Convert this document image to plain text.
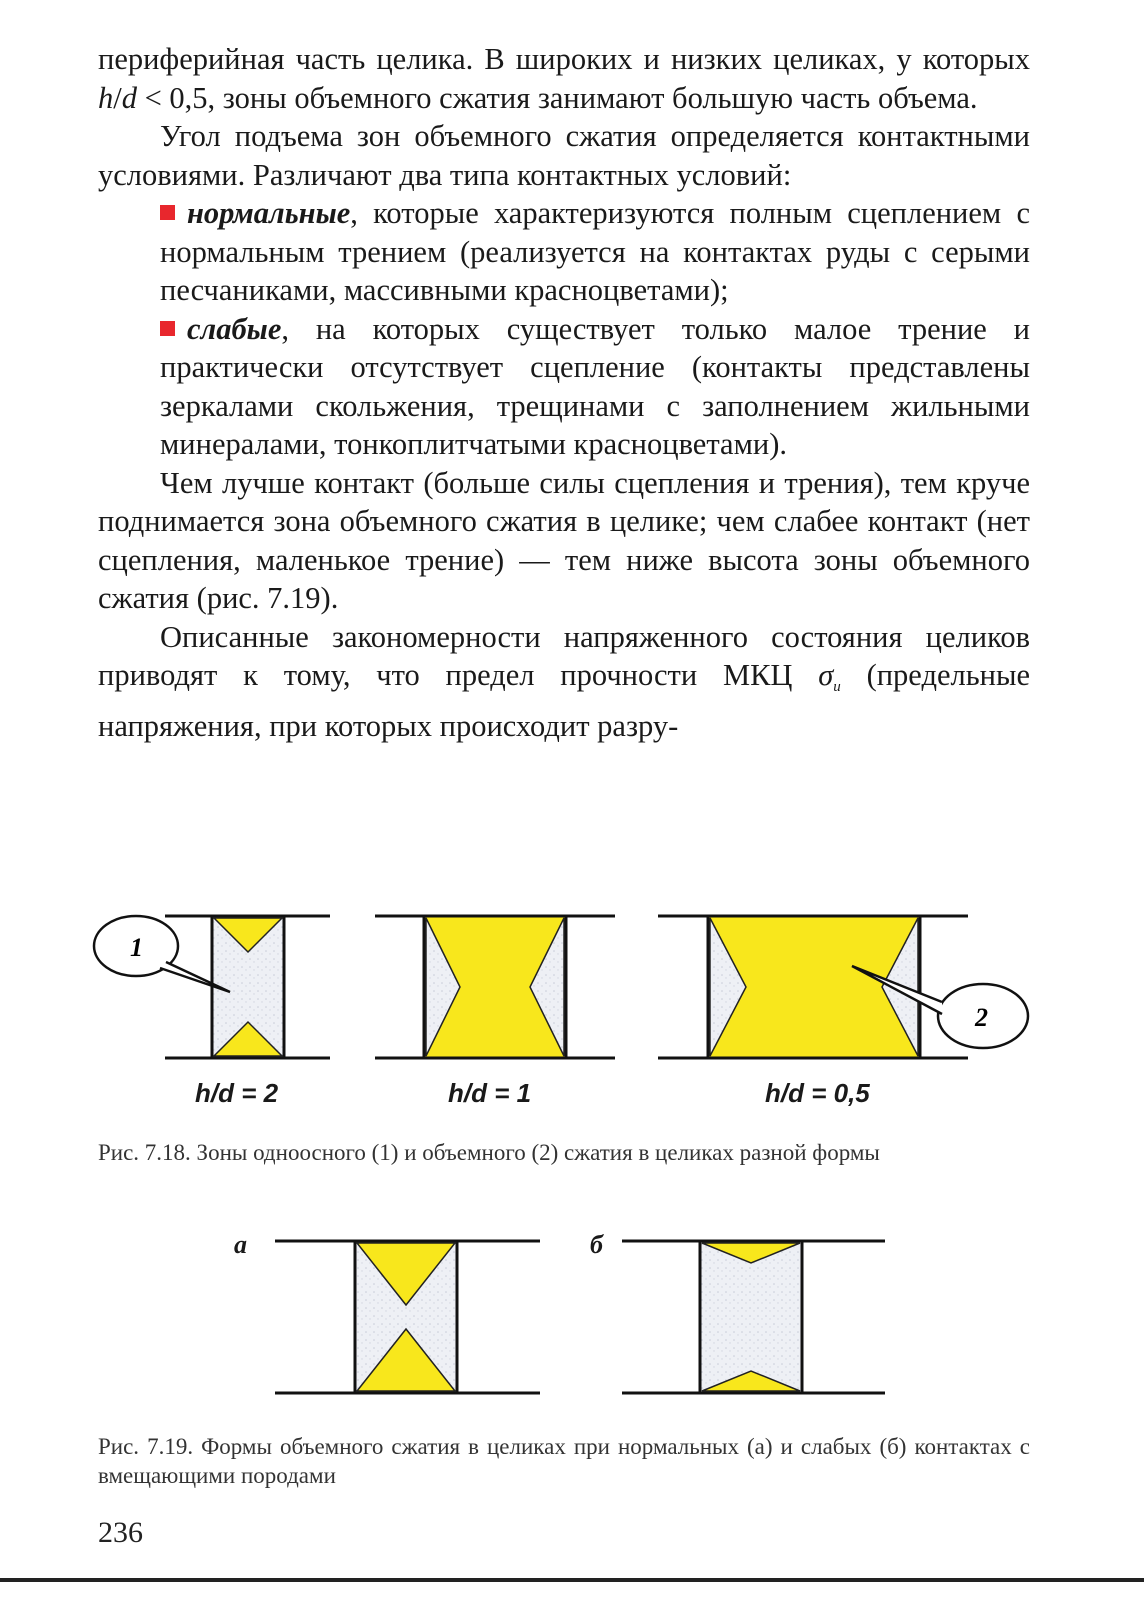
периферийная часть целика. В широких и низких целиках, у которых h/d < 0,5, зоны объемного сжатия занимают большую часть объема.

Угол подъема зон объемного сжатия определяется контактными условиями. Различают два типа контактных условий:

нормальные, которые характеризуются полным сцеплением с нормальным трением (реализуется на контактах руды с серыми песчаниками, массивными красноцветами);

слабые, на которых существует только малое трение и практически отсутствует сцепление (контакты представлены зеркалами скольжения, трещинами с заполнением жильными минералами, тонкоплитчатыми красноцветами).

Чем лучше контакт (больше силы сцепления и трения), тем круче поднимается зона объемного сжатия в целике; чем слабее контакт (нет сцепления, маленькое трение) — тем ниже высота зоны объемного сжатия (рис. 7.19).

Описанные закономерности напряженного состояния целиков приводят к тому, что предел прочности МКЦ $\sigma_и$ (предельные напряжения, при которых происходит разру-

1
2
h/d = 2	h/d = 1	h/d = 0,5
Рис. 7.18. Зоны одноосного (1) и объемного (2) сжатия в целиках разной формы
а	б
Рис. 7.19. Формы объемного сжатия в целиках при нормальных (а) и слабых (б) контактах с вмещающими породами
236
